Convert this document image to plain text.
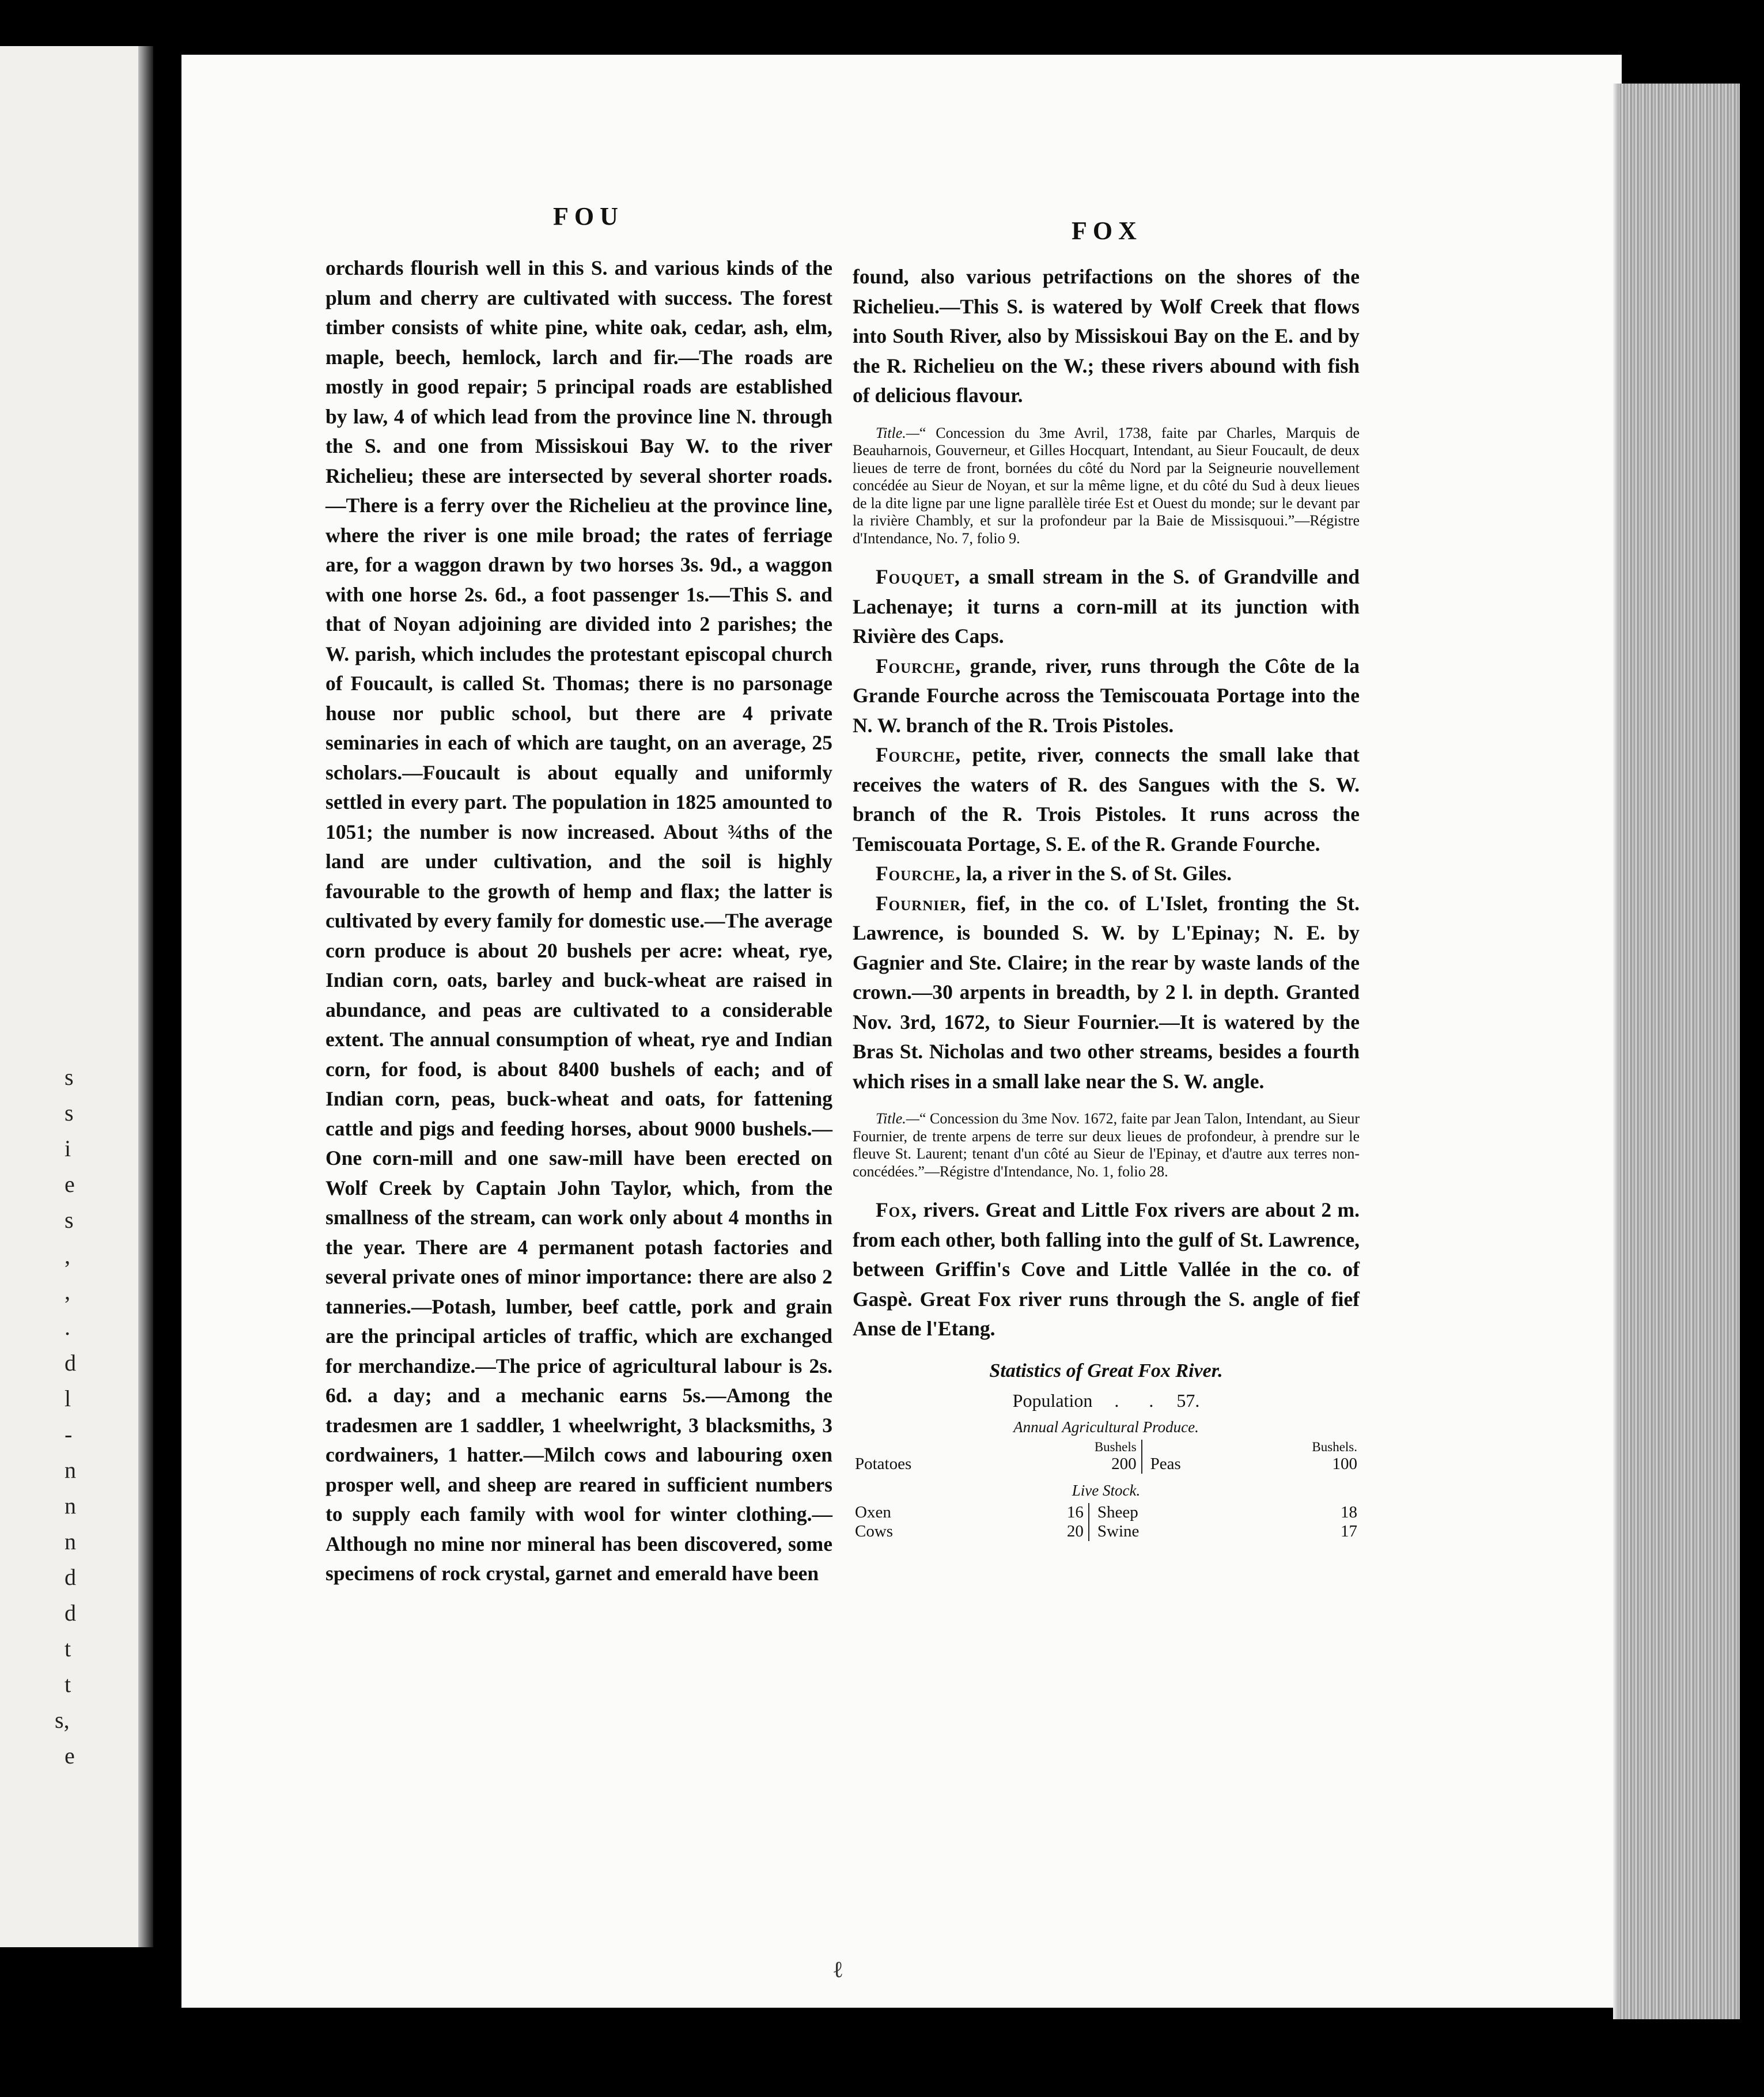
s
s
i
e
s
,
,
.
d
l
-
n
n
n
d
d
t
t
s,
e
FOU
FOX

orchards flourish well in this S. and various kinds of the plum and cherry are cultivated with success. The forest timber consists of white pine, white oak, cedar, ash, elm, maple, beech, hemlock, larch and fir.—The roads are mostly in good repair; 5 principal roads are established by law, 4 of which lead from the province line N. through the S. and one from Missiskoui Bay W. to the river Richelieu; these are intersected by several shorter roads.—There is a ferry over the Richelieu at the province line, where the river is one mile broad; the rates of ferriage are, for a waggon drawn by two horses 3s. 9d., a waggon with one horse 2s. 6d., a foot passenger 1s.—This S. and that of Noyan adjoining are divided into 2 parishes; the W. parish, which includes the protestant episcopal church of Foucault, is called St. Thomas; there is no parsonage house nor public school, but there are 4 private seminaries in each of which are taught, on an average, 25 scholars.—Foucault is about equally and uniformly settled in every part. The population in 1825 amounted to 1051; the number is now increased. About ¾ths of the land are under cultivation, and the soil is highly favourable to the growth of hemp and flax; the latter is cultivated by every family for domestic use.—The average corn produce is about 20 bushels per acre: wheat, rye, Indian corn, oats, barley and buck-wheat are raised in abundance, and peas are cultivated to a considerable extent. The annual consumption of wheat, rye and Indian corn, for food, is about 8400 bushels of each; and of Indian corn, peas, buck-wheat and oats, for fattening cattle and pigs and feeding horses, about 9000 bushels.—One corn-mill and one saw-mill have been erected on Wolf Creek by Captain John Taylor, which, from the smallness of the stream, can work only about 4 months in the year. There are 4 permanent potash factories and several private ones of minor importance: there are also 2 tanneries.—Potash, lumber, beef cattle, pork and grain are the principal articles of traffic, which are exchanged for merchandize.—The price of agricultural labour is 2s. 6d. a day; and a mechanic earns 5s.—Among the tradesmen are 1 saddler, 1 wheelwright, 3 blacksmiths, 3 cordwainers, 1 hatter.—Milch cows and labouring oxen prosper well, and sheep are reared in sufficient numbers to supply each family with wool for winter clothing.—Although no mine nor mineral has been discovered, some specimens of rock crystal, garnet and emerald have been

found, also various petrifactions on the shores of the Richelieu.—This S. is watered by Wolf Creek that flows into South River, also by Missiskoui Bay on the E. and by the R. Richelieu on the W.; these rivers abound with fish of delicious flavour.

Title.—“ Concession du 3me Avril, 1738, faite par Charles, Marquis de Beauharnois, Gouverneur, et Gilles Hocquart, Intendant, au Sieur Foucault, de deux lieues de terre de front, bornées du côté du Nord par la Seigneurie nouvellement concédée au Sieur de Noyan, et sur la même ligne, et du côté du Sud à deux lieues de la dite ligne par une ligne parallèle tirée Est et Ouest du monde; sur le devant par la rivière Chambly, et sur la profondeur par la Baie de Missisquoui.”—Régistre d'Intendance, No. 7, folio 9.

Fouquet, a small stream in the S. of Grandville and Lachenaye; it turns a corn-mill at its junction with Rivière des Caps.

Fourche, grande, river, runs through the Côte de la Grande Fourche across the Temiscouata Portage into the N. W. branch of the R. Trois Pistoles.

Fourche, petite, river, connects the small lake that receives the waters of R. des Sangues with the S. W. branch of the R. Trois Pistoles. It runs across the Temiscouata Portage, S. E. of the R. Grande Fourche.

Fourche, la, a river in the S. of St. Giles.

Fournier, fief, in the co. of L'Islet, fronting the St. Lawrence, is bounded S. W. by L'Epinay; N. E. by Gagnier and Ste. Claire; in the rear by waste lands of the crown.—30 arpents in breadth, by 2 l. in depth. Granted Nov. 3rd, 1672, to Sieur Fournier.—It is watered by the Bras St. Nicholas and two other streams, besides a fourth which rises in a small lake near the S. W. angle.

Title.—“ Concession du 3me Nov. 1672, faite par Jean Talon, Intendant, au Sieur Fournier, de trente arpens de terre sur deux lieues de profondeur, à prendre sur le fleuve St. Laurent; tenant d'un côté au Sieur de l'Epinay, et d'autre aux terres non-concédées.”—Régistre d'Intendance, No. 1, folio 28.

Fox, rivers. Great and Little Fox rivers are about 2 m. from each other, both falling into the gulf of St. Lawrence, between Griffin's Cove and Little Vallée in the co. of Gaspè. Great Fox river runs through the S. angle of fief Anse de l'Etang.

Statistics of Great Fox River.
Population . . 57.
Annual Agricultural Produce.
	Bushels			Bushels.
Potatoes	200		Peas	100
Live Stock.
Oxen	16		Sheep	18
Cows	20		Swine	17
ℓ
